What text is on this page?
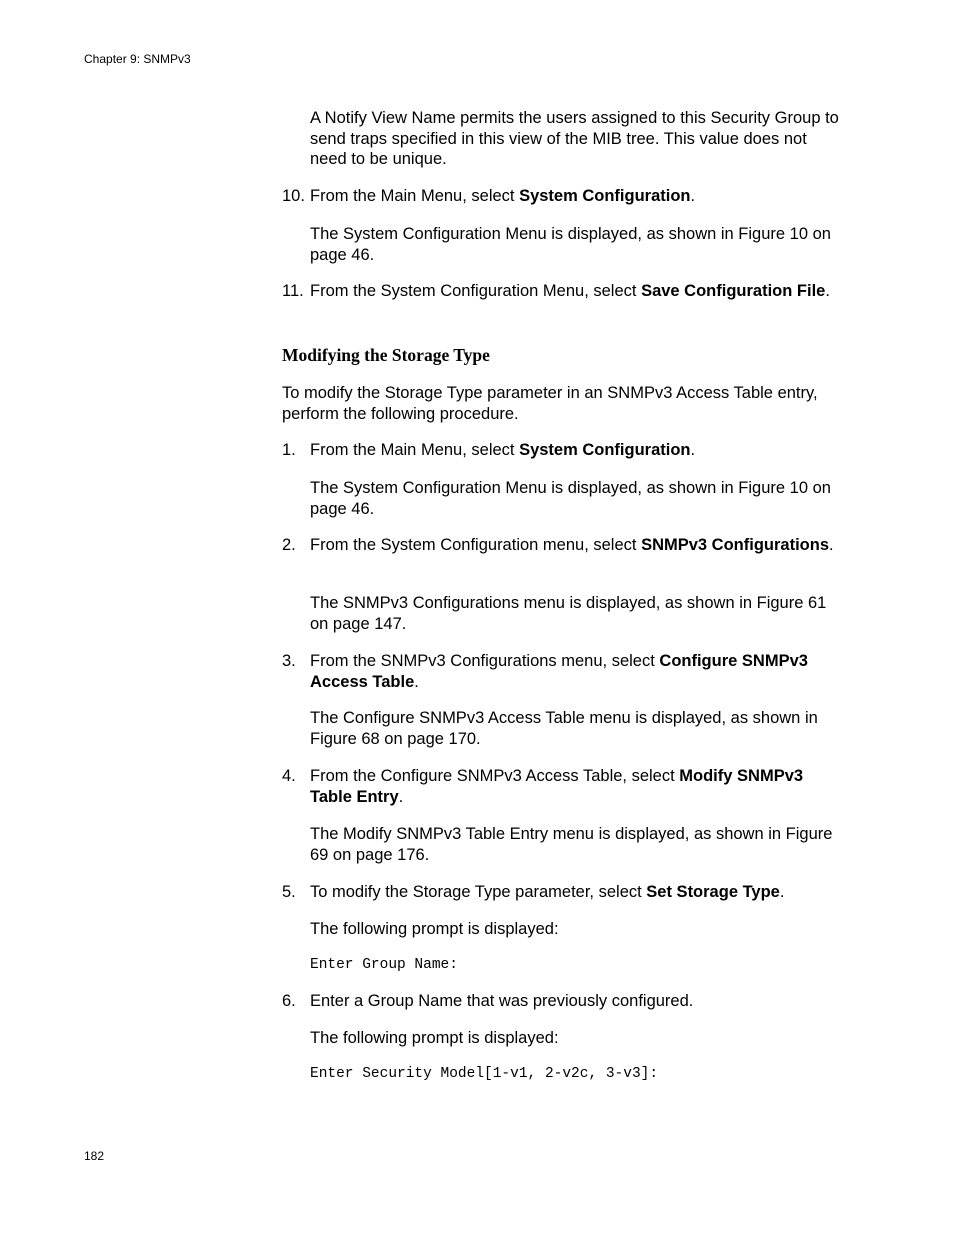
Chapter 9: SNMPv3
A Notify View Name permits the users assigned to this Security Group to send traps specified in this view of the MIB tree. This value does not need to be unique.
10. From the Main Menu, select System Configuration.
The System Configuration Menu is displayed, as shown in Figure 10 on page 46.
11. From the System Configuration Menu, select Save Configuration File.
Modifying the Storage Type
To modify the Storage Type parameter in an SNMPv3 Access Table entry, perform the following procedure.
1. From the Main Menu, select System Configuration.
The System Configuration Menu is displayed, as shown in Figure 10 on page 46.
2. From the System Configuration menu, select SNMPv3 Configurations.
The SNMPv3 Configurations menu is displayed, as shown in Figure 61 on page 147.
3. From the SNMPv3 Configurations menu, select Configure SNMPv3 Access Table.
The Configure SNMPv3 Access Table menu is displayed, as shown in Figure 68 on page 170.
4. From the Configure SNMPv3 Access Table, select Modify SNMPv3 Table Entry.
The Modify SNMPv3 Table Entry menu is displayed, as shown in Figure 69 on page 176.
5. To modify the Storage Type parameter, select Set Storage Type.
The following prompt is displayed:
Enter Group Name:
6. Enter a Group Name that was previously configured.
The following prompt is displayed:
Enter Security Model[1-v1, 2-v2c, 3-v3]:
182
